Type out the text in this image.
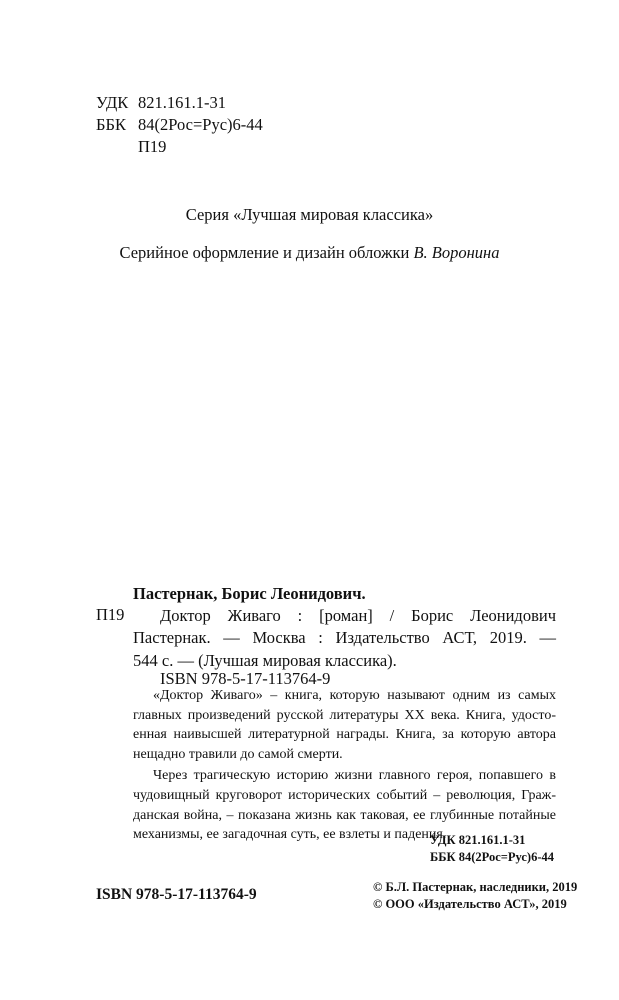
УДК 821.161.1-31
ББК 84(2Рос=Рус)6-44
П19
Серия «Лучшая мировая классика»
Серийное оформление и дизайн обложки В. Воронина
Пастернак, Борис Леонидович.
П19 Доктор Живаго : [роман] / Борис Леонидович
Пастернак. — Москва : Издательство АСТ, 2019. —
544 с. — (Лучшая мировая классика).
ISBN 978-5-17-113764-9

«Доктор Живаго» – книга, которую называют одним из самых
главных произведений русской литературы XX века. Книга, удосто-
енная наивысшей литературной награды. Книга, за которую автора
нещадно травили до самой смерти.

Через трагическую историю жизни главного героя, попавшего в
чудовищный круговорот исторических событий – революция, Граж-
данская война, – показана жизнь как таковая, ее глубинные потайные
механизмы, ее загадочная суть, ее взлеты и падения.

УДК 821.161.1-31
ББК 84(2Рос=Рус)6-44
ISBN 978-5-17-113764-9	© Б.Л. Пастернак, наследники, 2019
© ООО «Издательство АСТ», 2019
